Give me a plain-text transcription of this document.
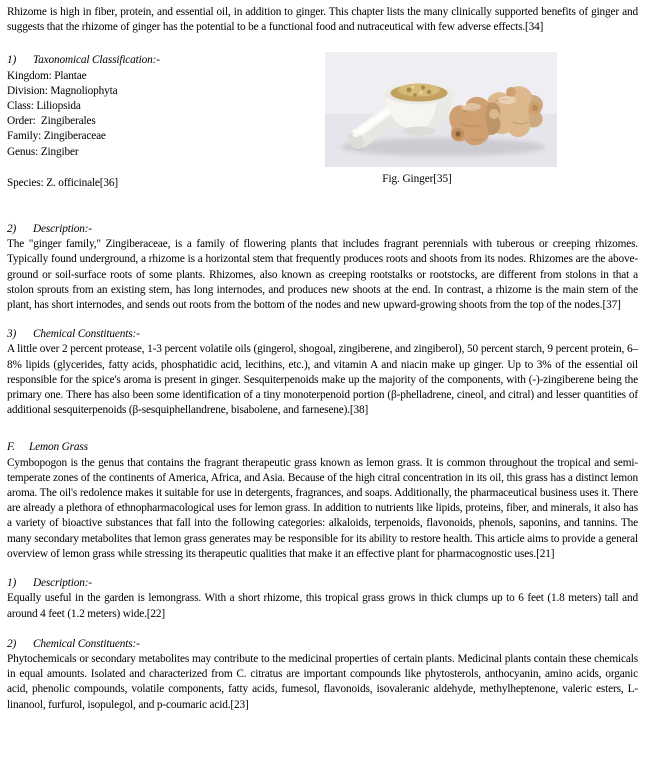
Rhizome is high in fiber, protein, and essential oil, in addition to ginger. This chapter lists the many clinically supported benefits of ginger and suggests that the rhizome of ginger has the potential to be a functional food and nutraceutical with few adverse effects.[34]

1) Taxonomical Classification:-
Kingdom: Plantae
Division: Magnoliophyta
Class: Liliopsida
Order:  Zingiberales
Family: Zingiberaceae
Genus: Zingiber
Species: Z. officinale[36]	Fig. Ginger[35]
2) Description:-

The "ginger family," Zingiberaceae, is a family of flowering plants that includes fragrant perennials with tuberous or creeping rhizomes. Typically found underground, a rhizome is a horizontal stem that frequently produces roots and shoots from its nodes. Rhizomes are the above-ground or soil-surface roots of some plants. Rhizomes, also known as creeping rootstalks or rootstocks, are different from stolons in that a stolon sprouts from an existing stem, has long internodes, and produces new shoots at the end. In contrast, a rhizome is the main stem of the plant, has short internodes, and sends out roots from the bottom of the nodes and new upward-growing shoots from the top of the nodes.[37]

3) Chemical Constituents:-

A little over 2 percent protease, 1-3 percent volatile oils (gingerol, shogoal, zingiberene, and zingiberol), 50 percent starch, 9 percent protein, 6–8% lipids (glycerides, fatty acids, phosphatidic acid, lecithins, etc.), and vitamin A and niacin make up ginger. Up to 3% of the essential oil responsible for the spice's aroma is present in ginger. Sesquiterpenoids make up the majority of the components, with (-)-zingiberene being the primary one. There has also been some identification of a tiny monoterpenoid portion (β-phelladrene, cineol, and citral) and lesser quantities of additional sesquiterpenoids (β-sesquiphellandrene, bisabolene, and farnesene).[38]

F. Lemon Grass

Cymbopogon is the genus that contains the fragrant therapeutic grass known as lemon grass. It is common throughout the tropical and semi-temperate zones of the continents of America, Africa, and Asia. Because of the high citral concentration in its oil, this grass has a distinct lemon aroma. The oil's redolence makes it suitable for use in detergents, fragrances, and soaps. Additionally, the pharmaceutical business uses it. There are already a plethora of ethnopharmacological uses for lemon grass. In addition to nutrients like lipids, proteins, fiber, and minerals, it also has a variety of bioactive substances that fall into the following categories: alkaloids, terpenoids, flavonoids, phenols, saponins, and tannins. The many secondary metabolites that lemon grass generates may be responsible for its ability to restore health. This article aims to provide a general overview of lemon grass while stressing its therapeutic qualities that make it an effective plant for pharmacognostic uses.[21]

1) Description:-

Equally useful in the garden is lemongrass. With a short rhizome, this tropical grass grows in thick clumps up to 6 feet (1.8 meters) tall and around 4 feet (1.2 meters) wide.[22]

2) Chemical Constituents:-

Phytochemicals or secondary metabolites may contribute to the medicinal properties of certain plants. Medicinal plants contain these chemicals in equal amounts. Isolated and characterized from C. citratus are important compounds like phytosterols, anthocyanin, amino acids, organic acid, phenolic compounds, volatile components, fatty acids, fumesol, flavonoids, isovaleranic aldehyde, methylheptenone, valeric esters, L-linanool, furfurol, isopulegol, and p-coumaric acid.[23]
